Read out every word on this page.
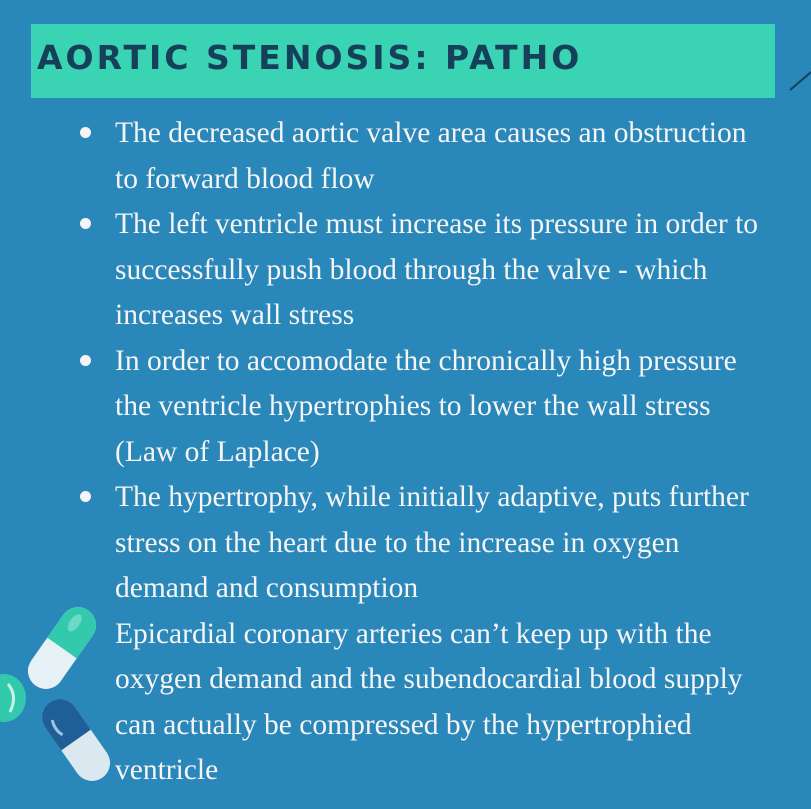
AORTIC STENOSIS: PATHO
The decreased aortic valve area causes an obstruction to forward blood flow
The left ventricle must increase its pressure in order to successfully push blood through the valve - which increases wall stress
In order to accomodate the chronically high pressure the ventricle hypertrophies to lower the wall stress (Law of Laplace)
The hypertrophy, while initially adaptive, puts further stress on the heart due to the increase in oxygen demand and consumption
Epicardial coronary arteries can’t keep up with the oxygen demand and the subendocardial blood supply can actually be compressed by the hypertrophied ventricle
